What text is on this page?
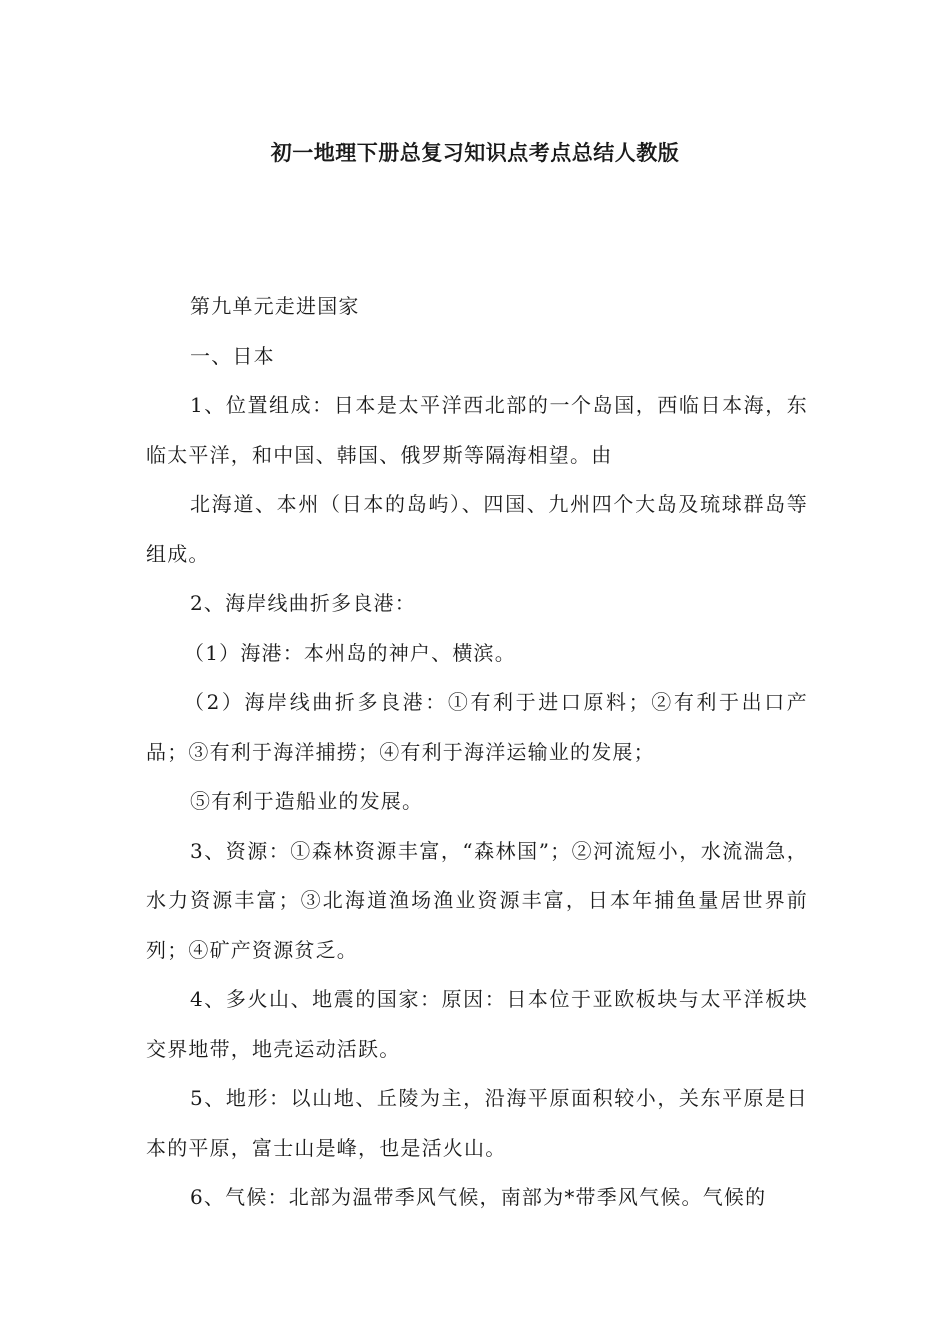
初一地理下册总复习知识点考点总结人教版

第九单元走进国家

一、日本

1、位置组成：日本是太平洋西北部的一个岛国，西临日本海，东临太平洋，和中国、韩国、俄罗斯等隔海相望。由

北海道、本州（日本的岛屿）、四国、九州四个大岛及琉球群岛等组成。

2、海岸线曲折多良港：

（1）海港：本州岛的神户、横滨。

（2）海岸线曲折多良港：①有利于进口原料；②有利于出口产品；③有利于海洋捕捞；④有利于海洋运输业的发展；

⑤有利于造船业的发展。

3、资源：①森林资源丰富，“森林国”；②河流短小，水流湍急，水力资源丰富；③北海道渔场渔业资源丰富，日本年捕鱼量居世界前列；④矿产资源贫乏。

4、多火山、地震的国家：原因：日本位于亚欧板块与太平洋板块交界地带，地壳运动活跃。

5、地形：以山地、丘陵为主，沿海平原面积较小，关东平原是日本的平原，富士山是峰，也是活火山。

6、气候：北部为温带季风气候，南部为*带季风气候。气候的
